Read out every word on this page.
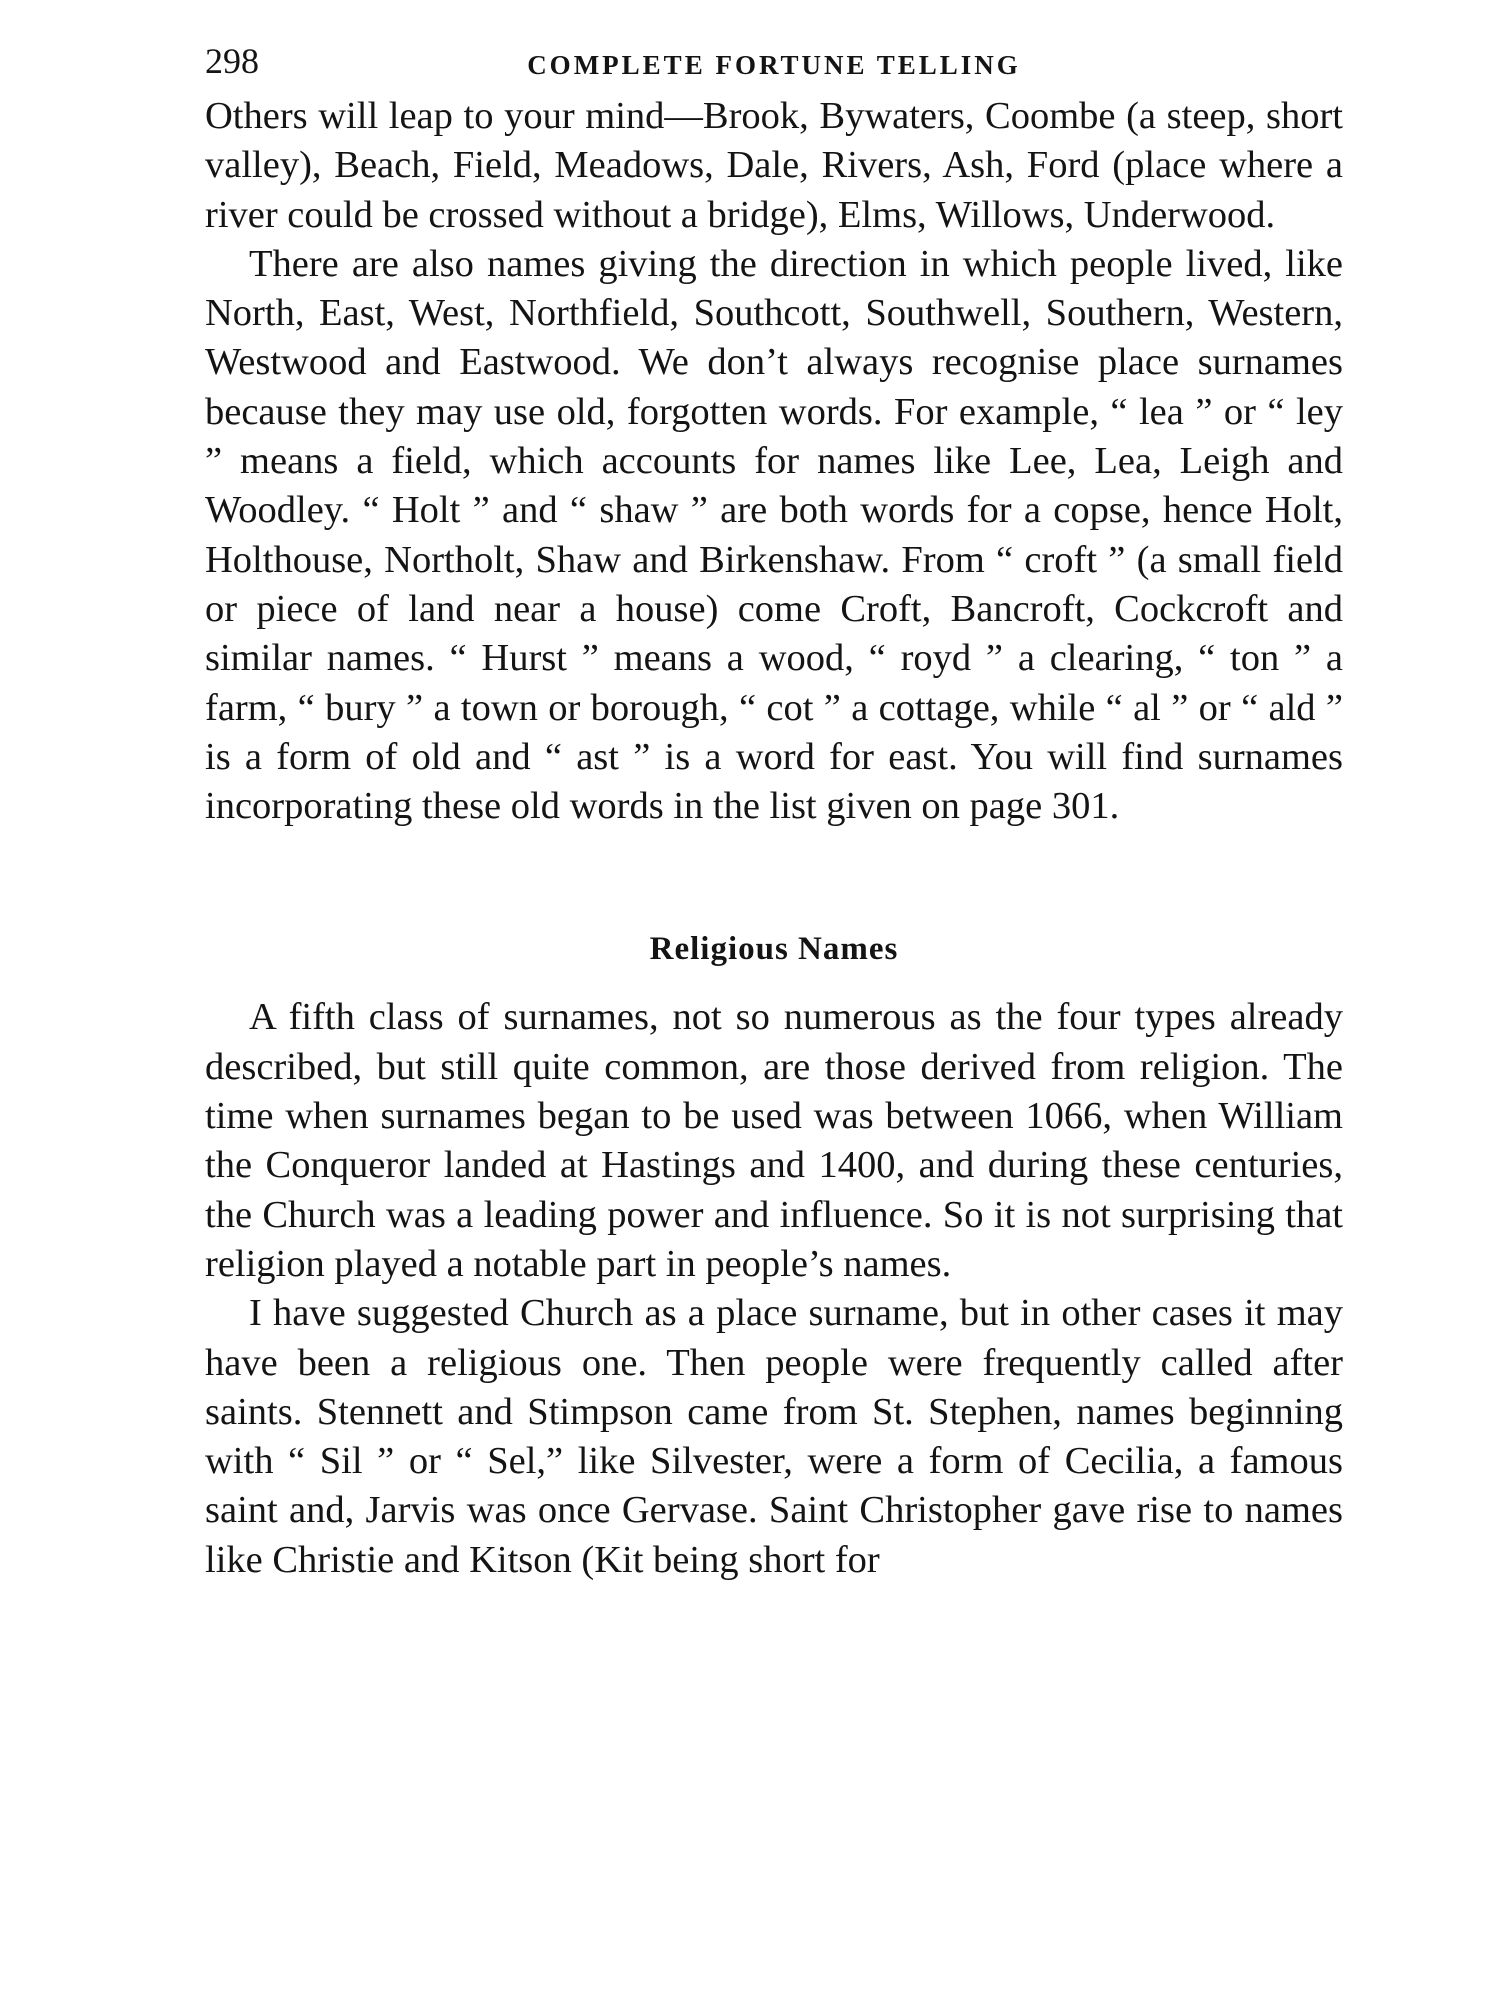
298	COMPLETE FORTUNE TELLING

Others will leap to your mind—Brook, Bywaters, Coombe (a steep, short valley), Beach, Field, Meadows, Dale, Rivers, Ash, Ford (place where a river could be crossed without a bridge), Elms, Willows, Underwood.

There are also names giving the direction in which people lived, like North, East, West, Northfield, Southcott, Southwell, Southern, Western, Westwood and Eastwood. We don’t always recognise place surnames because they may use old, forgotten words. For example, “ lea ” or “ ley ” means a field, which accounts for names like Lee, Lea, Leigh and Woodley. “ Holt ” and “ shaw ” are both words for a copse, hence Holt, Holthouse, Northolt, Shaw and Birkenshaw. From “ croft ” (a small field or piece of land near a house) come Croft, Bancroft, Cockcroft and similar names. “ Hurst ” means a wood, “ royd ” a clearing, “ ton ” a farm, “ bury ” a town or borough, “ cot ” a cottage, while “ al ” or “ ald ” is a form of old and “ ast ” is a word for east. You will find surnames incorporating these old words in the list given on page 301.

Religious Names

A fifth class of surnames, not so numerous as the four types already described, but still quite common, are those derived from religion. The time when surnames began to be used was between 1066, when William the Conqueror landed at Hastings and 1400, and during these centuries, the Church was a leading power and influence. So it is not surprising that religion played a notable part in people’s names.

I have suggested Church as a place surname, but in other cases it may have been a religious one. Then people were frequently called after saints. Stennett and Stimpson came from St. Stephen, names beginning with “ Sil ” or “ Sel,” like Silvester, were a form of Cecilia, a famous saint and, Jarvis was once Gervase. Saint Christopher gave rise to names like Christie and Kitson (Kit being short for
